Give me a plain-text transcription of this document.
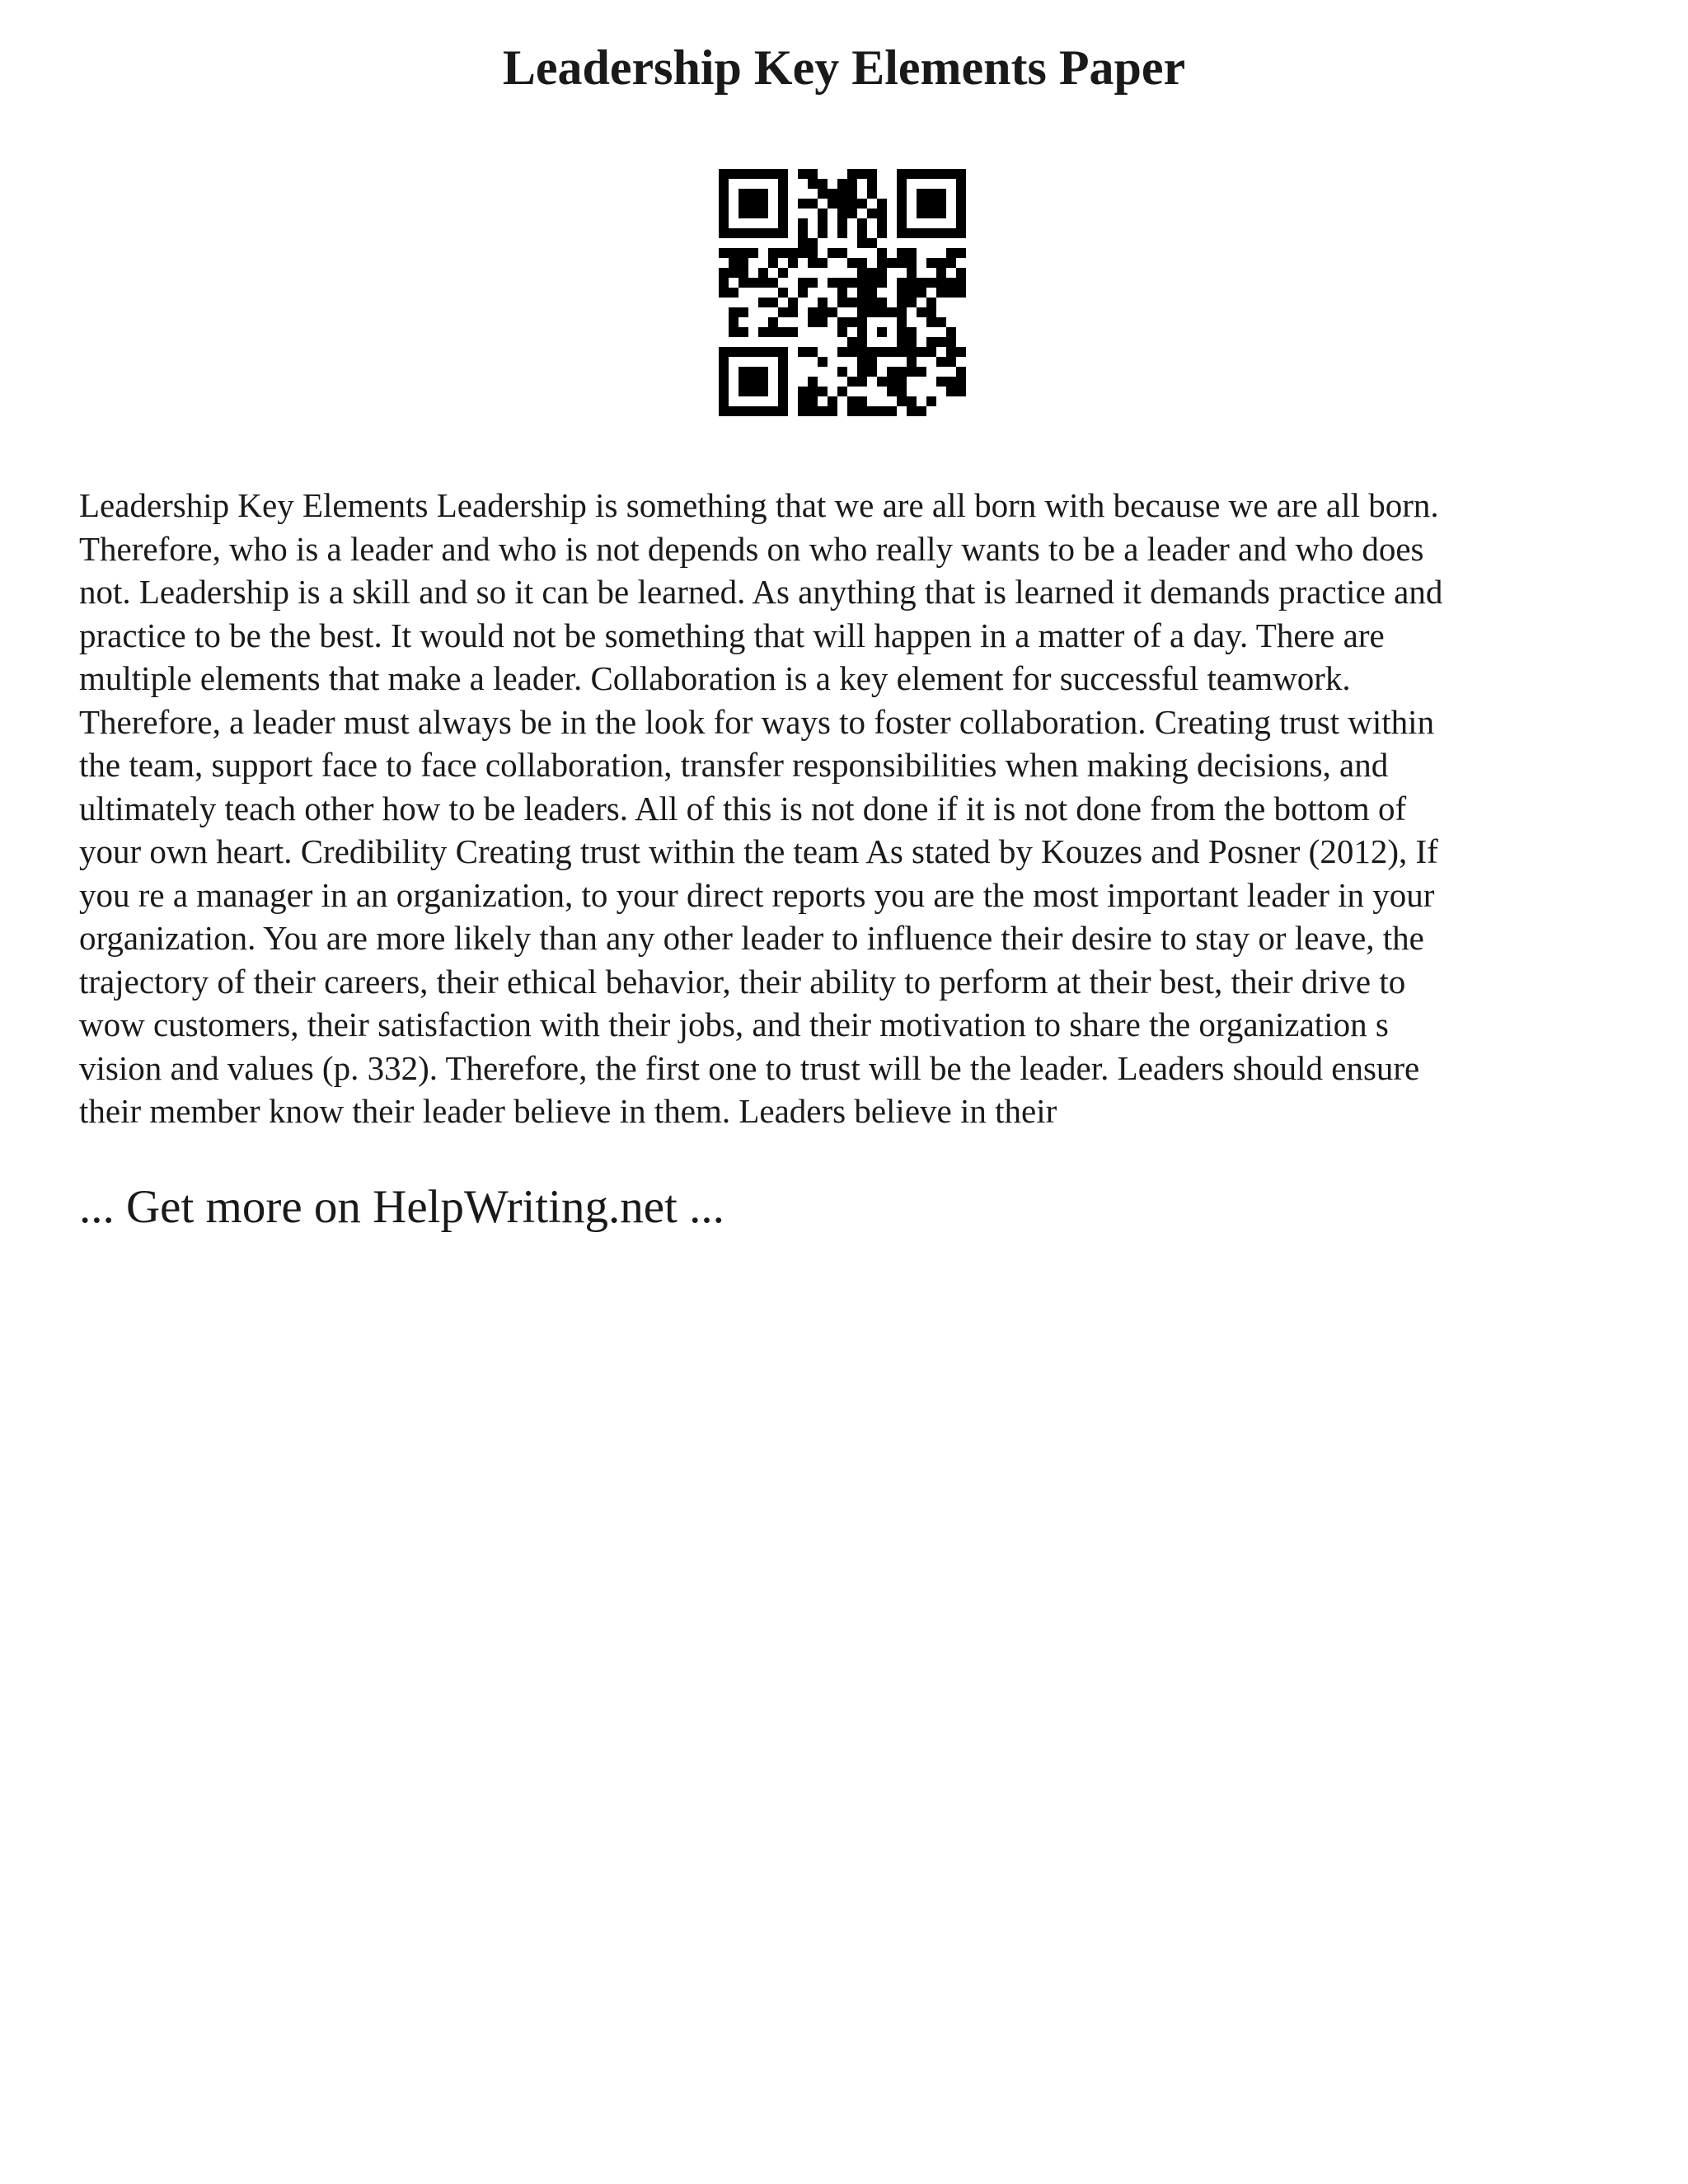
Leadership Key Elements Paper
Leadership Key Elements Leadership is something that we are all born with because we are all born.
Therefore, who is a leader and who is not depends on who really wants to be a leader and who does
not. Leadership is a skill and so it can be learned. As anything that is learned it demands practice and
practice to be the best. It would not be something that will happen in a matter of a day. There are
multiple elements that make a leader. Collaboration is a key element for successful teamwork.
Therefore, a leader must always be in the look for ways to foster collaboration. Creating trust within
the team, support face to face collaboration, transfer responsibilities when making decisions, and
ultimately teach other how to be leaders. All of this is not done if it is not done from the bottom of
your own heart. Credibility Creating trust within the team As stated by Kouzes and Posner (2012), If
you re a manager in an organization, to your direct reports you are the most important leader in your
organization. You are more likely than any other leader to influence their desire to stay or leave, the
trajectory of their careers, their ethical behavior, their ability to perform at their best, their drive to
wow customers, their satisfaction with their jobs, and their motivation to share the organization s
vision and values (p. 332). Therefore, the first one to trust will be the leader. Leaders should ensure
their member know their leader believe in them. Leaders believe in their
... Get more on HelpWriting.net ...
